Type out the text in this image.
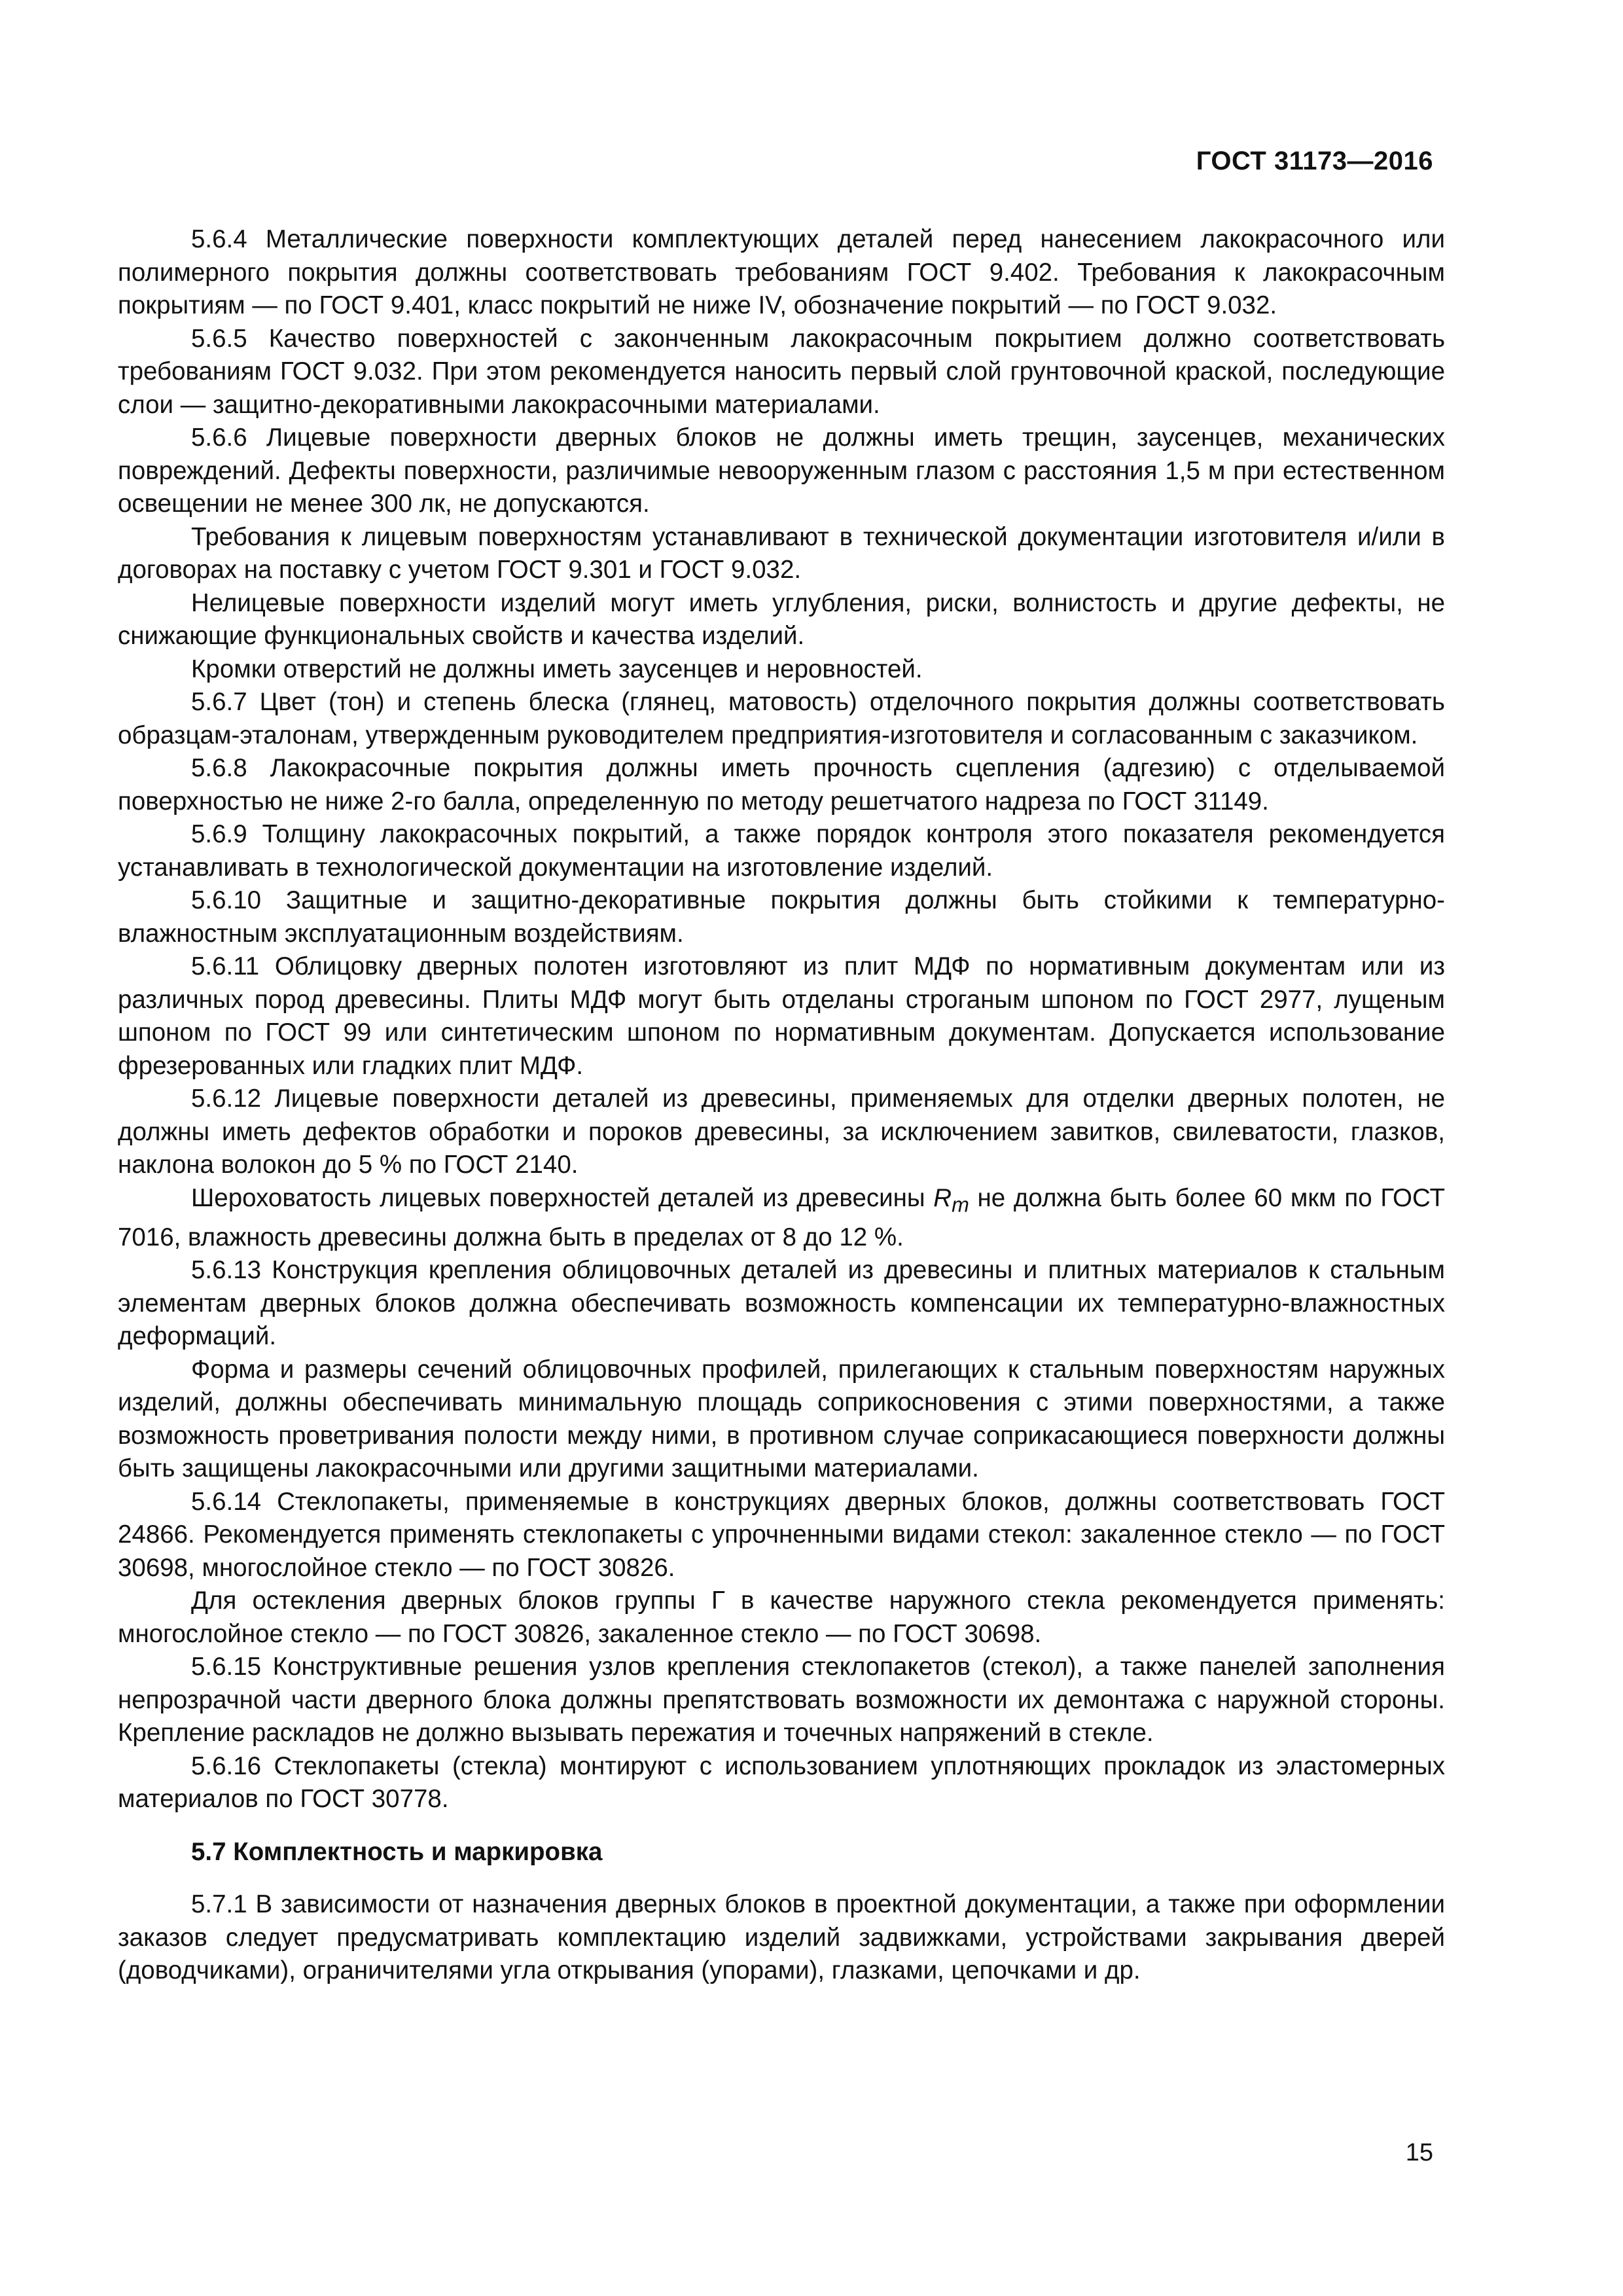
ГОСТ 31173—2016

5.6.4 Металлические поверхности комплектующих деталей перед нанесением лакокрасочного или полимерного покрытия должны соответствовать требованиям ГОСТ 9.402. Требования к лакокрасочным покрытиям — по ГОСТ 9.401, класс покрытий не ниже IV, обозначение покрытий — по ГОСТ 9.032.

5.6.5 Качество поверхностей с законченным лакокрасочным покрытием должно соответствовать требованиям ГОСТ 9.032. При этом рекомендуется наносить первый слой грунтовочной краской, последующие слои — защитно-декоративными лакокрасочными материалами.

5.6.6 Лицевые поверхности дверных блоков не должны иметь трещин, заусенцев, механических повреждений. Дефекты поверхности, различимые невооруженным глазом с расстояния 1,5 м при естественном освещении не менее 300 лк, не допускаются.

Требования к лицевым поверхностям устанавливают в технической документации изготовителя и/или в договорах на поставку с учетом ГОСТ 9.301 и ГОСТ 9.032.

Нелицевые поверхности изделий могут иметь углубления, риски, волнистость и другие дефекты, не снижающие функциональных свойств и качества изделий.

Кромки отверстий не должны иметь заусенцев и неровностей.

5.6.7 Цвет (тон) и степень блеска (глянец, матовость) отделочного покрытия должны соответствовать образцам-эталонам, утвержденным руководителем предприятия-изготовителя и согласованным с заказчиком.

5.6.8 Лакокрасочные покрытия должны иметь прочность сцепления (адгезию) с отделываемой поверхностью не ниже 2-го балла, определенную по методу решетчатого надреза по ГОСТ 31149.

5.6.9 Толщину лакокрасочных покрытий, а также порядок контроля этого показателя рекомендуется устанавливать в технологической документации на изготовление изделий.

5.6.10 Защитные и защитно-декоративные покрытия должны быть стойкими к температурно-влажностным эксплуатационным воздействиям.

5.6.11 Облицовку дверных полотен изготовляют из плит МДФ по нормативным документам или из различных пород древесины. Плиты МДФ могут быть отделаны строганым шпоном по ГОСТ 2977, лущеным шпоном по ГОСТ 99 или синтетическим шпоном по нормативным документам. Допускается использование фрезерованных или гладких плит МДФ.

5.6.12 Лицевые поверхности деталей из древесины, применяемых для отделки дверных полотен, не должны иметь дефектов обработки и пороков древесины, за исключением завитков, свилеватости, глазков, наклона волокон до 5 % по ГОСТ 2140.

Шероховатость лицевых поверхностей деталей из древесины $R_m$ не должна быть более 60 мкм по ГОСТ 7016, влажность древесины должна быть в пределах от 8 до 12 %.

5.6.13 Конструкция крепления облицовочных деталей из древесины и плитных материалов к стальным элементам дверных блоков должна обеспечивать возможность компенсации их температурно-влажностных деформаций.

Форма и размеры сечений облицовочных профилей, прилегающих к стальным поверхностям наружных изделий, должны обеспечивать минимальную площадь соприкосновения с этими поверхностями, а также возможность проветривания полости между ними, в противном случае соприкасающиеся поверхности должны быть защищены лакокрасочными или другими защитными материалами.

5.6.14 Стеклопакеты, применяемые в конструкциях дверных блоков, должны соответствовать ГОСТ 24866. Рекомендуется применять стеклопакеты с упрочненными видами стекол: закаленное стекло — по ГОСТ 30698, многослойное стекло — по ГОСТ 30826.

Для остекления дверных блоков группы Г в качестве наружного стекла рекомендуется применять: многослойное стекло — по ГОСТ 30826, закаленное стекло — по ГОСТ 30698.

5.6.15 Конструктивные решения узлов крепления стеклопакетов (стекол), а также панелей заполнения непрозрачной части дверного блока должны препятствовать возможности их демонтажа с наружной стороны. Крепление раскладов не должно вызывать пережатия и точечных напряжений в стекле.

5.6.16 Стеклопакеты (стекла) монтируют с использованием уплотняющих прокладок из эластомерных материалов по ГОСТ 30778.

5.7 Комплектность и маркировка

5.7.1 В зависимости от назначения дверных блоков в проектной документации, а также при оформлении заказов следует предусматривать комплектацию изделий задвижками, устройствами закрывания дверей (доводчиками), ограничителями угла открывания (упорами), глазками, цепочками и др.

15
